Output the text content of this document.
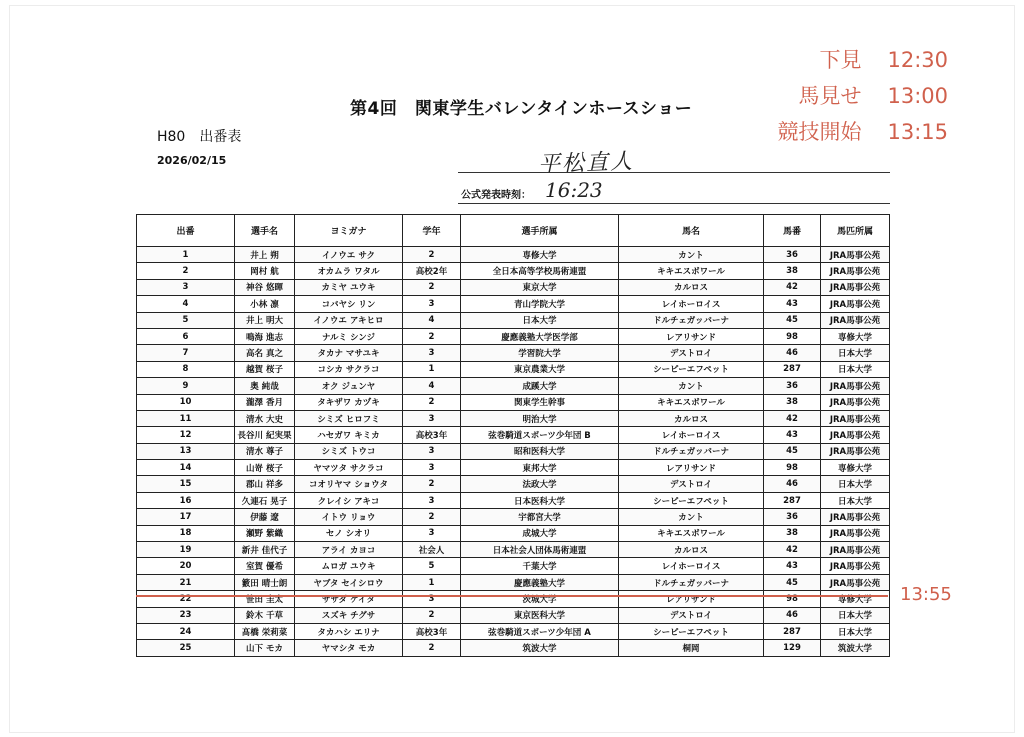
第4回　関東学生バレンタインホースショー
H80　出番表
2026/02/15	平松直人
公式発表時刻： 16:23
下見 12:30
馬見せ 13:00
競技開始 13:15
出番	選手名	ヨミガナ	学年	選手所属	馬名	馬番	馬匹所属
1	井上 朔	イノウエ サク	2	専修大学	カント	36	JRA馬事公苑
2	岡村 航	オカムラ ワタル	高校2年	全日本高等学校馬術連盟	キキエスボワール	38	JRA馬事公苑
3	神谷 悠暉	カミヤ ユウキ	2	東京大学	カルロス	42	JRA馬事公苑
4	小林 凛	コバヤシ リン	3	青山学院大学	レイホーロイス	43	JRA馬事公苑
5	井上 明大	イノウエ アキヒロ	4	日本大学	ドルチェガッバーナ	45	JRA馬事公苑
6	鳴海 進志	ナルミ シンジ	2	慶應義塾大学医学部	レアリサンド	98	専修大学
7	高名 真之	タカナ マサユキ	3	学習院大学	デストロイ	46	日本大学
8	越賀 桜子	コシカ サクラコ	1	東京農業大学	シーピーエフペット	287	日本大学
9	奥 純哉	オク ジュンヤ	4	成蹊大学	カント	36	JRA馬事公苑
10	瀧澤 香月	タキザワ カヅキ	2	関東学生幹事	キキエスボワール	38	JRA馬事公苑
11	清水 大史	シミズ ヒロフミ	3	明治大学	カルロス	42	JRA馬事公苑
12	長谷川 紀実果	ハセガワ キミカ	高校3年	弦巻騎道スポーツ少年団 B	レイホーロイス	43	JRA馬事公苑
13	清水 尊子	シミズ トウコ	3	昭和医科大学	ドルチェガッバーナ	45	JRA馬事公苑
14	山嵜 桜子	ヤマツタ サクラコ	3	東邦大学	レアリサンド	98	専修大学
15	郡山 祥多	コオリヤマ ショウタ	2	法政大学	デストロイ	46	日本大学
16	久連石 晃子	クレイシ アキコ	3	日本医科大学	シーピーエフペット	287	日本大学
17	伊藤 遼	イトウ リョウ	2	宇都宮大学	カント	36	JRA馬事公苑
18	瀬野 紫織	セノ シオリ	3	成城大学	キキエスボワール	38	JRA馬事公苑
19	新井 佳代子	アライ カヨコ	社会人	日本社会人団体馬術連盟	カルロス	42	JRA馬事公苑
20	室賀 優希	ムロガ ユウキ	5	千葉大学	レイホーロイス	43	JRA馬事公苑
21	籔田 晴士朗	ヤブタ セイシロウ	1	慶應義塾大学	ドルチェガッバーナ	45	JRA馬事公苑
22	笹田 圭太	ササダ ケイタ	3	茨城大学	レアリサンド	98	専修大学
23	鈴木 千草	スズキ チグサ	2	東京医科大学	デストロイ	46	日本大学
24	髙橋 栄莉菜	タカハシ エリナ	高校3年	弦巻騎道スポーツ少年団 A	シーピーエフペット	287	日本大学
25	山下 モカ	ヤマシタ モカ	2	筑波大学	桐岡	129	筑波大学
13:55
